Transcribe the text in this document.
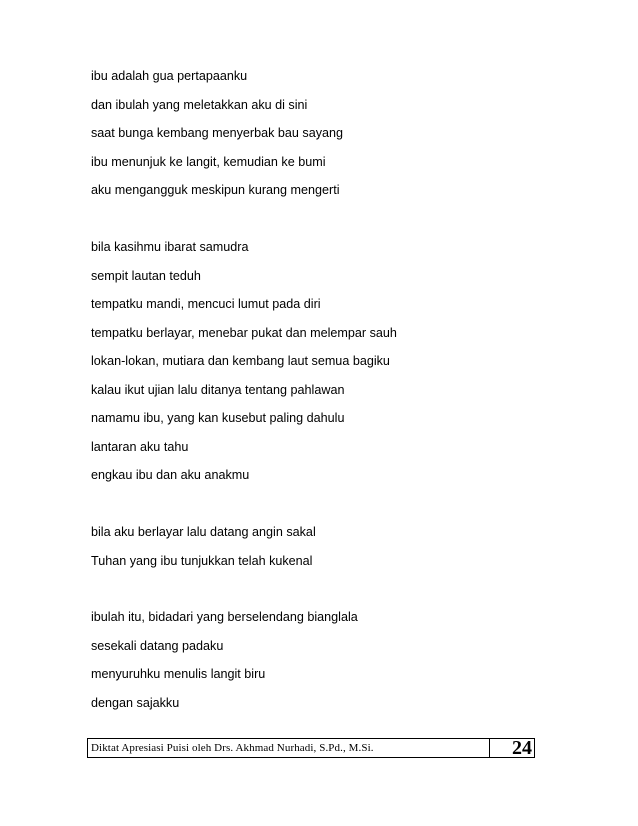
ibu adalah gua pertapaanku
dan ibulah yang meletakkan aku di sini
saat bunga kembang menyerbak bau sayang
ibu menunjuk ke langit, kemudian ke bumi
aku mengangguk meskipun kurang mengerti
bila kasihmu ibarat samudra
sempit lautan teduh
tempatku mandi, mencuci lumut pada diri
tempatku berlayar, menebar pukat dan melempar sauh
lokan-lokan, mutiara dan kembang laut semua bagiku
kalau ikut ujian lalu ditanya tentang pahlawan
namamu ibu, yang kan kusebut paling dahulu
lantaran aku tahu
engkau ibu dan aku anakmu
bila aku berlayar lalu datang angin sakal
Tuhan yang ibu tunjukkan telah kukenal
ibulah itu, bidadari yang berselendang bianglala
sesekali datang padaku
menyuruhku menulis langit biru
dengan sajakku
Diktat Apresiasi Puisi oleh Drs. Akhmad Nurhadi, S.Pd., M.Si.	24
